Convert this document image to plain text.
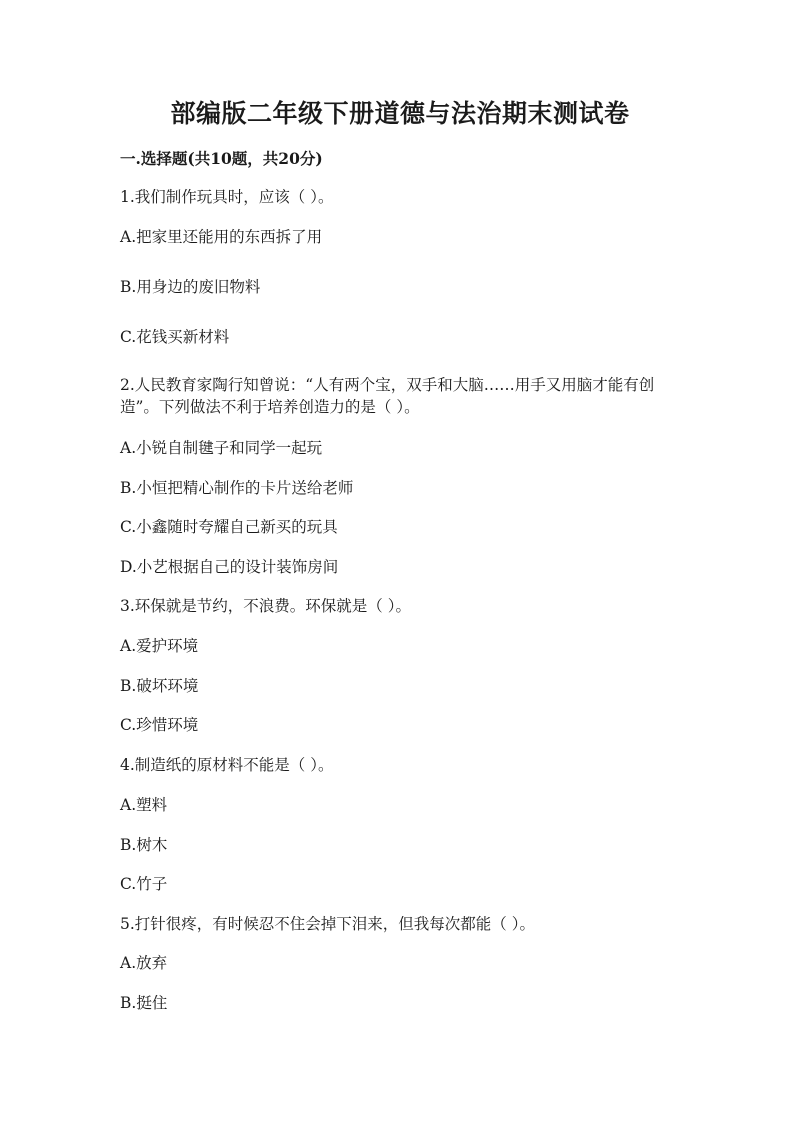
部编版二年级下册道德与法治期末测试卷
一.选择题(共10题，共20分)

1.我们制作玩具时，应该（ ）。

A.把家里还能用的东西拆了用

B.用身边的废旧物料

C.花钱买新材料

2.人民教育家陶行知曾说：“人有两个宝，双手和大脑……用手又用脑才能有创造”。下列做法不利于培养创造力的是（ ）。

A.小锐自制毽子和同学一起玩

B.小恒把精心制作的卡片送给老师

C.小鑫随时夸耀自己新买的玩具

D.小艺根据自己的设计装饰房间

3.环保就是节约，不浪费。环保就是（ ）。

A.爱护环境

B.破坏环境

C.珍惜环境

4.制造纸的原材料不能是（ ）。

A.塑料

B.树木

C.竹子

5.打针很疼，有时候忍不住会掉下泪来，但我每次都能（ ）。

A.放弃

B.挺住
